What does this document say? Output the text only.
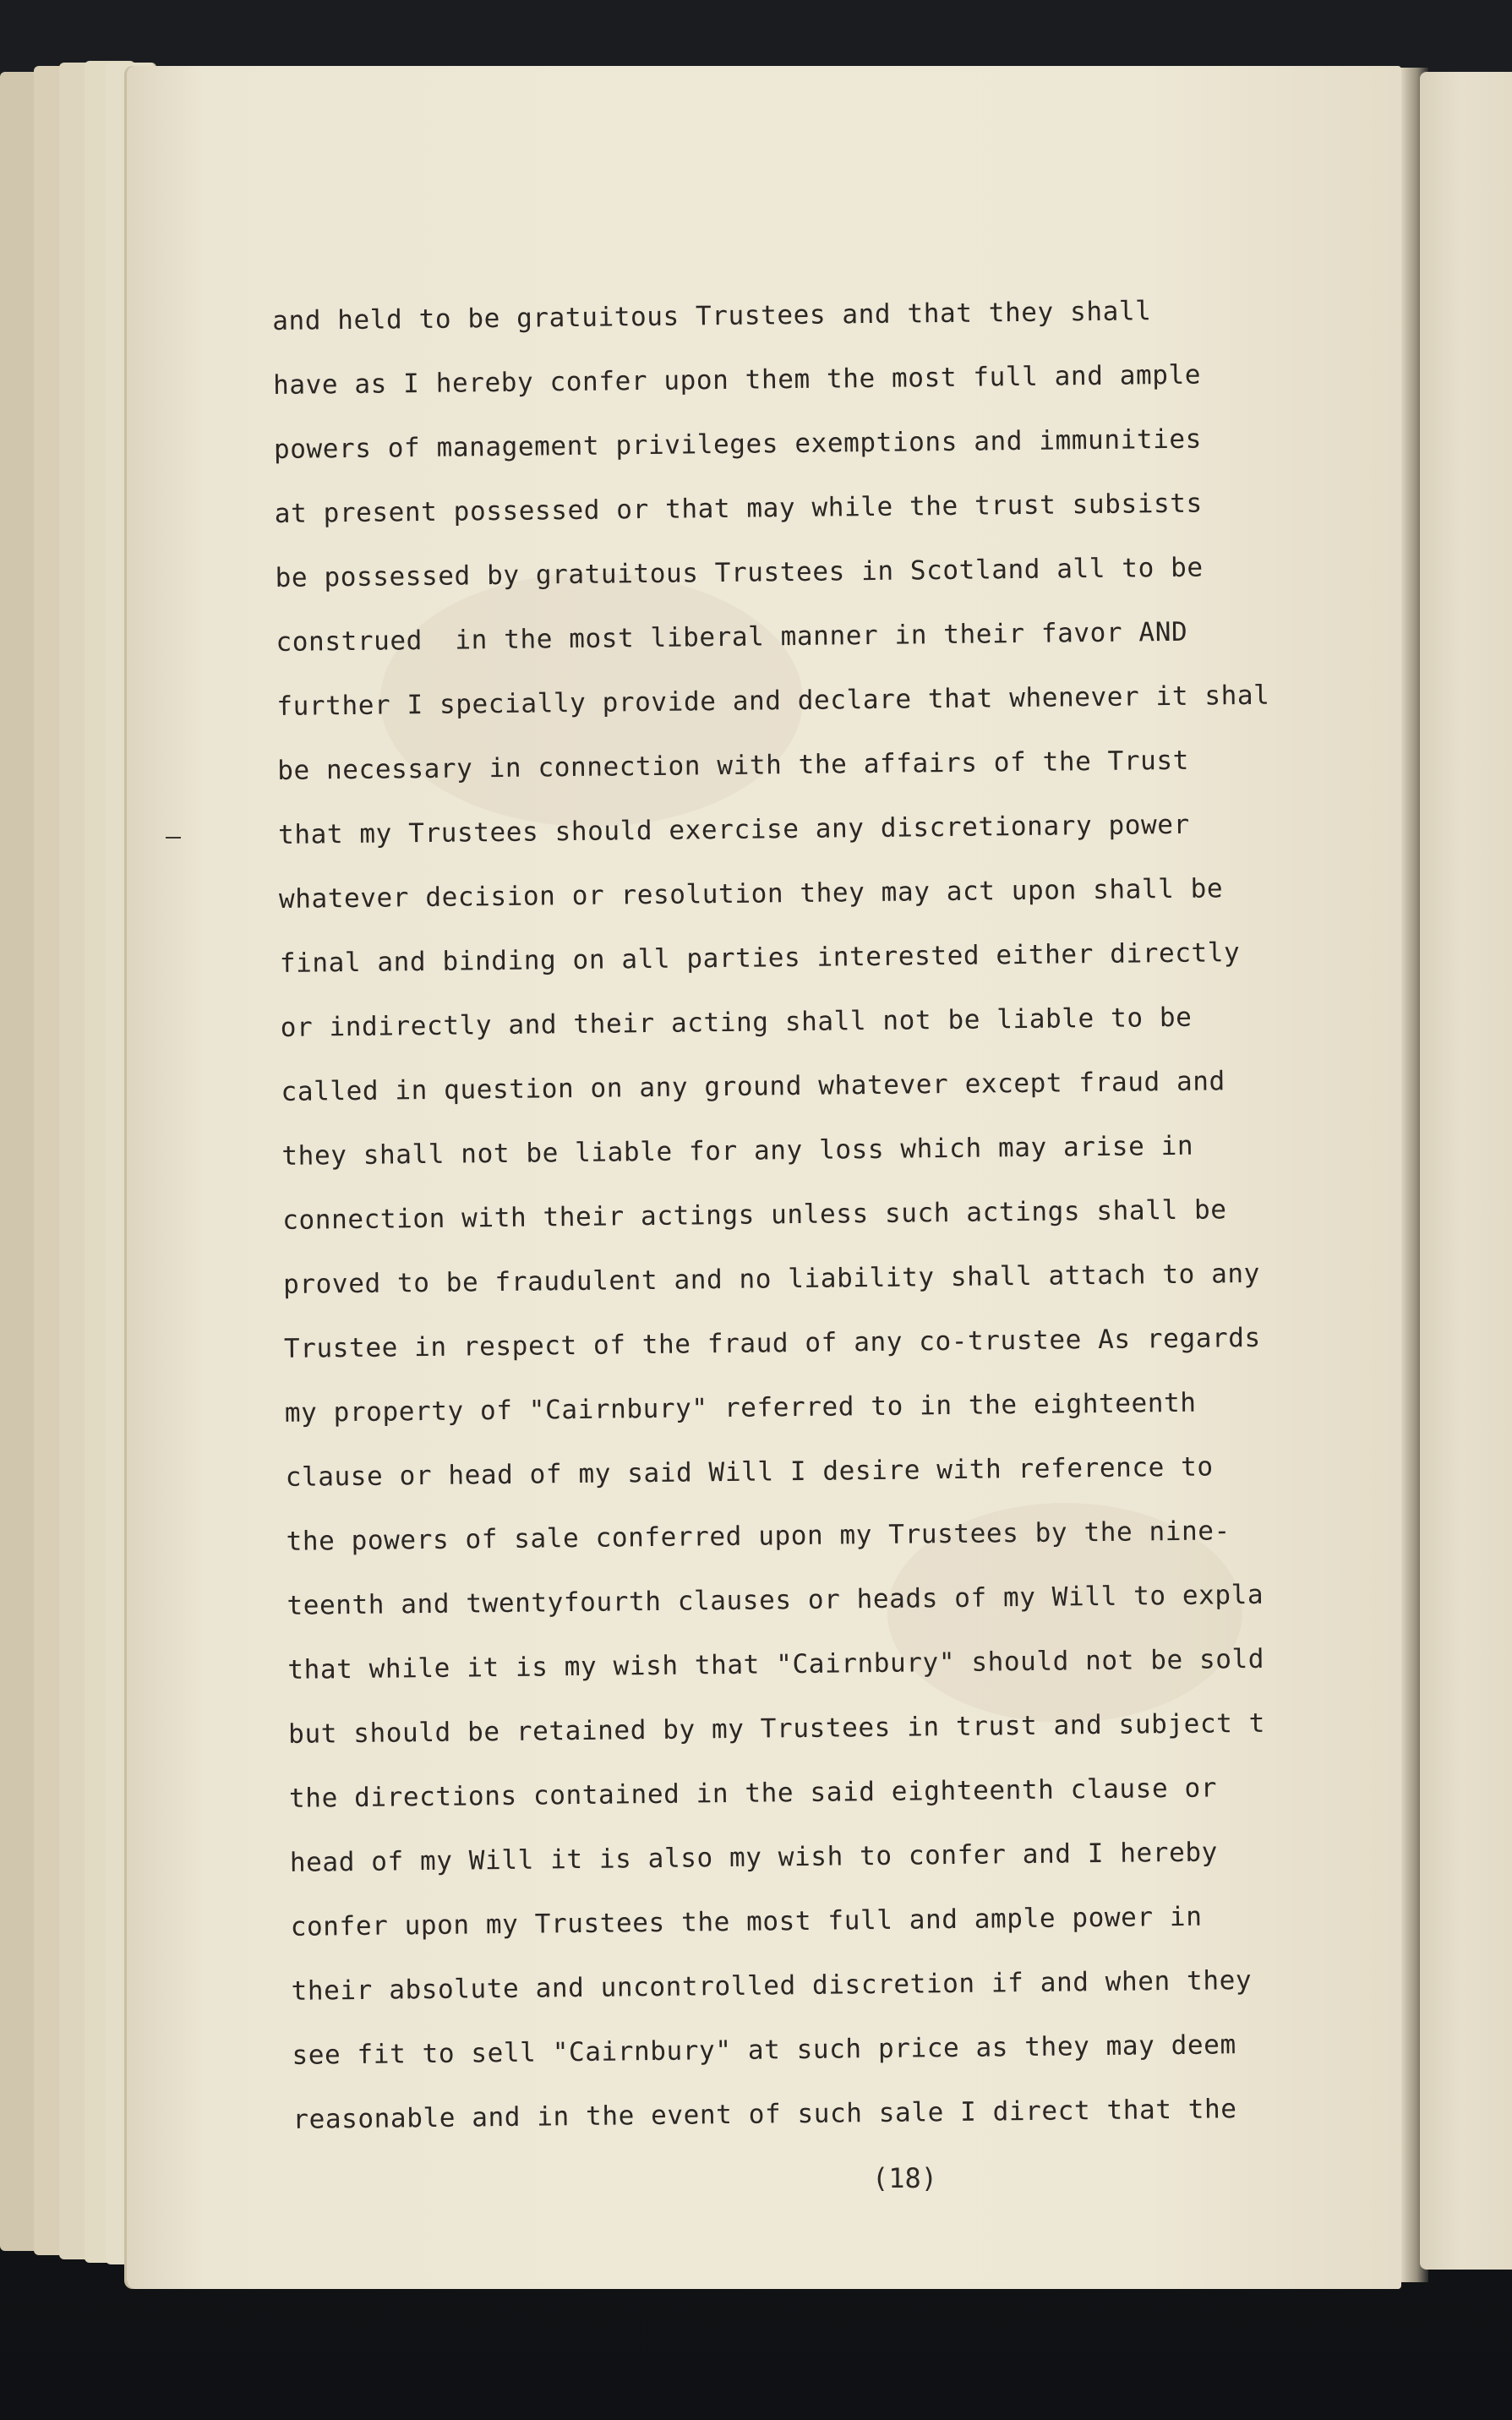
and held to be gratuitous Trustees and that they shall
have as I hereby confer upon them the most full and ample
powers of management privileges exemptions and immunities
at present possessed or that may while the trust subsists
be possessed by gratuitous Trustees in Scotland all to be
construed  in the most liberal manner in their favor AND
further I specially provide and declare that whenever it shal
be necessary in connection with the affairs of the Trust
that my Trustees should exercise any discretionary power
whatever decision or resolution they may act upon shall be
final and binding on all parties interested either directly
or indirectly and their acting shall not be liable to be
called in question on any ground whatever except fraud and
they shall not be liable for any loss which may arise in
connection with their actings unless such actings shall be
proved to be fraudulent and no liability shall attach to any
Trustee in respect of the fraud of any co-trustee As regards
my property of "Cairnbury" referred to in the eighteenth
clause or head of my said Will I desire with reference to
the powers of sale conferred upon my Trustees by the nine-
teenth and twentyfourth clauses or heads of my Will to expla
that while it is my wish that "Cairnbury" should not be sold
but should be retained by my Trustees in trust and subject t
the directions contained in the said eighteenth clause or
head of my Will it is also my wish to confer and I hereby
confer upon my Trustees the most full and ample power in
their absolute and uncontrolled discretion if and when they
see fit to sell "Cairnbury" at such price as they may deem
reasonable and in the event of such sale I direct that the
(18)
